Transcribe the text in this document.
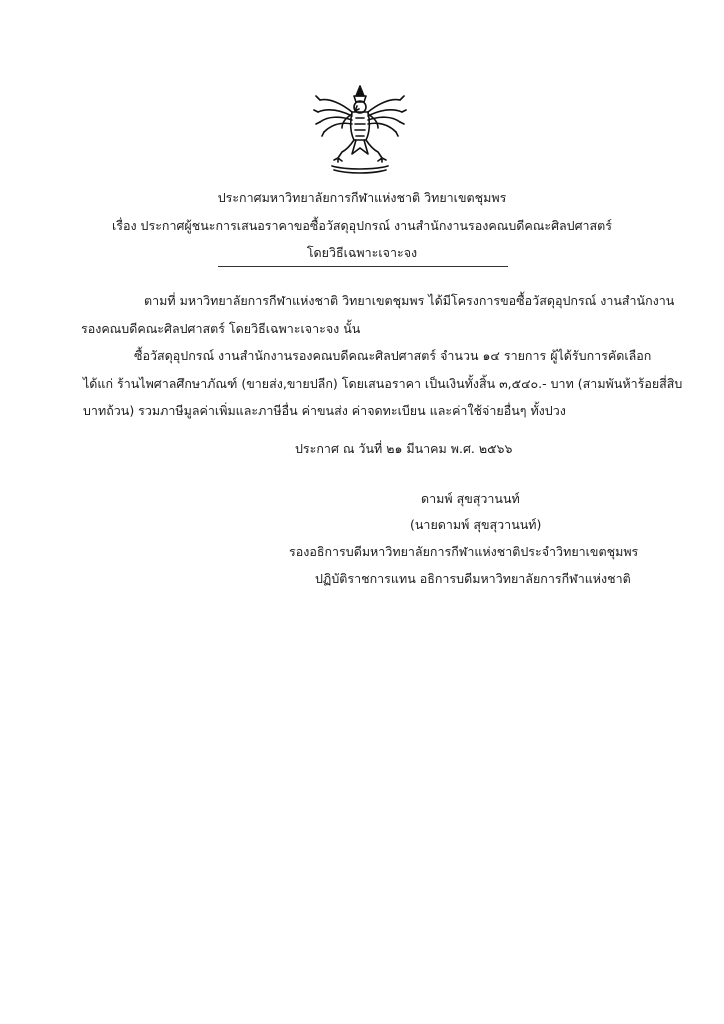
ประกาศมหาวิทยาลัยการกีฬาแห่งชาติ วิทยาเขตชุมพร
เรื่อง ประกาศผู้ชนะการเสนอราคาขอซื้อวัสดุอุปกรณ์ งานสำนักงานรองคณบดีคณะศิลปศาสตร์
โดยวิธีเฉพาะเจาะจง
ตามที่ มหาวิทยาลัยการกีฬาแห่งชาติ วิทยาเขตชุมพร ได้มีโครงการขอซื้อวัสดุอุปกรณ์ งานสำนักงาน
รองคณบดีคณะศิลปศาสตร์ โดยวิธีเฉพาะเจาะจง นั้น
ซื้อวัสดุอุปกรณ์ งานสำนักงานรองคณบดีคณะศิลปศาสตร์ จำนวน ๑๔ รายการ ผู้ได้รับการคัดเลือก
ได้แก่ ร้านไพศาลศึกษาภัณฑ์ (ขายส่ง,ขายปลีก) โดยเสนอราคา เป็นเงินทั้งสิ้น ๓,๕๔๐.- บาท (สามพันห้าร้อยสี่สิบ
บาทถ้วน) รวมภาษีมูลค่าเพิ่มและภาษีอื่น ค่าขนส่ง ค่าจดทะเบียน และค่าใช้จ่ายอื่นๆ ทั้งปวง
ประกาศ ณ วันที่ ๒๑ มีนาคม พ.ศ. ๒๕๖๖
ดามพ์ สุขสุวานนท์
(นายดามพ์ สุขสุวานนท์)
รองอธิการบดีมหาวิทยาลัยการกีฬาแห่งชาติประจำวิทยาเขตชุมพร
ปฏิบัติราชการแทน อธิการบดีมหาวิทยาลัยการกีฬาแห่งชาติ
